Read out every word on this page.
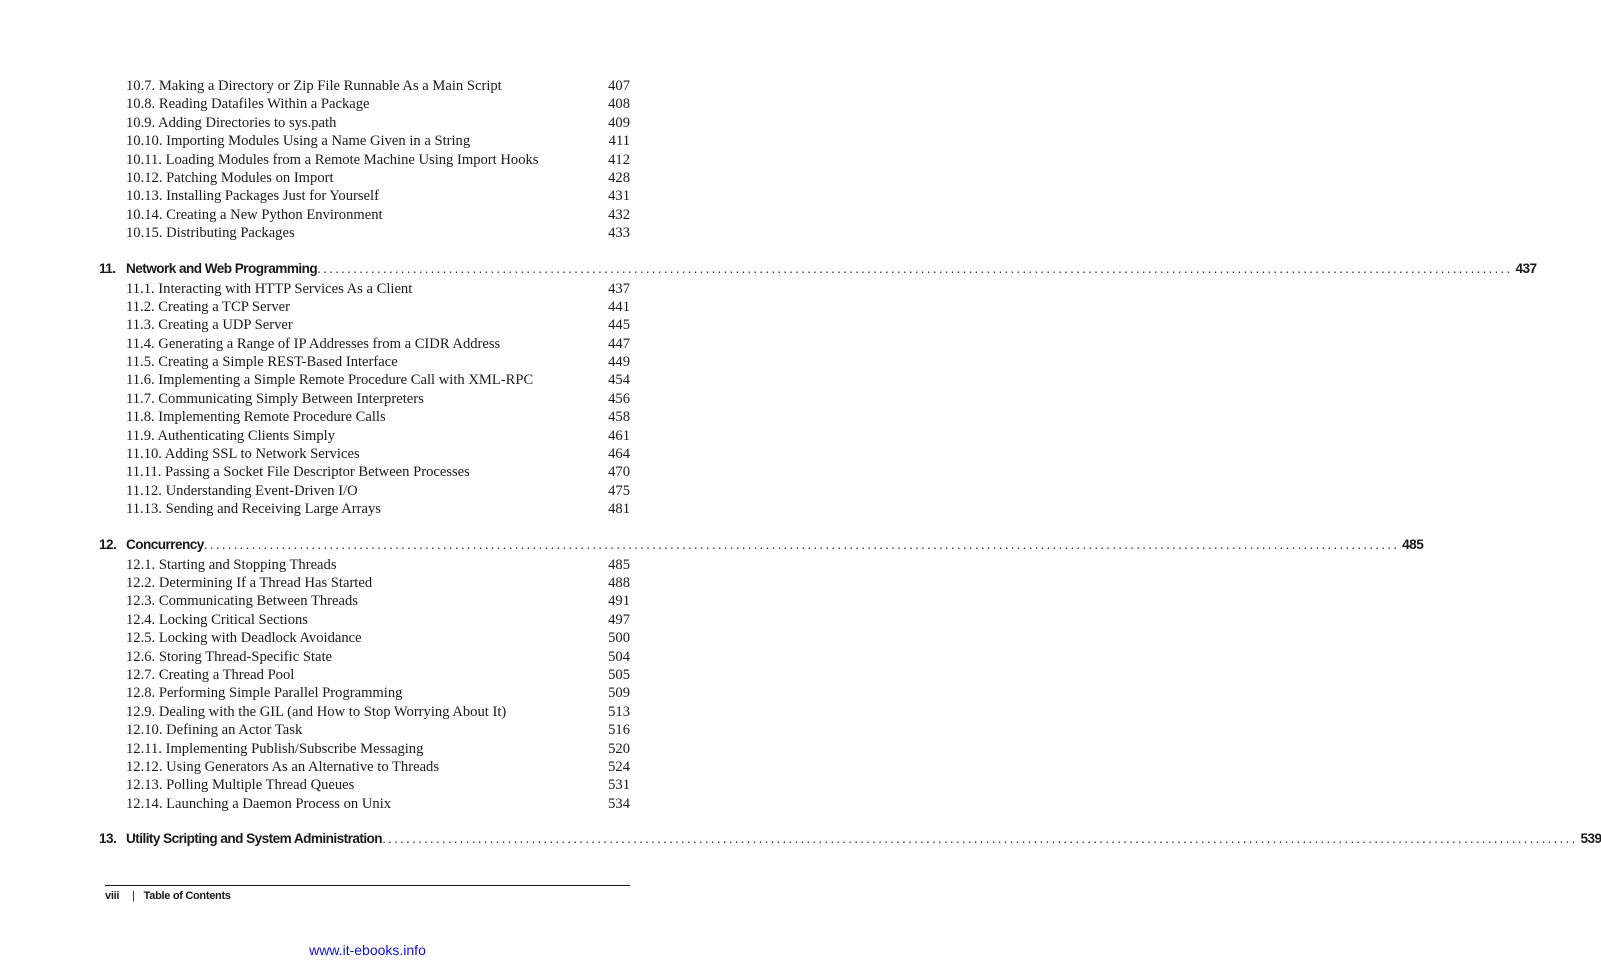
10.7. Making a Directory or Zip File Runnable As a Main Script	407
10.8. Reading Datafiles Within a Package	408
10.9. Adding Directories to sys.path	409
10.10. Importing Modules Using a Name Given in a String	411
10.11. Loading Modules from a Remote Machine Using Import Hooks	412
10.12. Patching Modules on Import	428
10.13. Installing Packages Just for Yourself	431
10.14. Creating a New Python Environment	432
10.15. Distributing Packages	433
11. Network and Web Programming ........................................................................................................................................................................................................ 437
11.1. Interacting with HTTP Services As a Client	437
11.2. Creating a TCP Server	441
11.3. Creating a UDP Server	445
11.4. Generating a Range of IP Addresses from a CIDR Address	447
11.5. Creating a Simple REST-Based Interface	449
11.6. Implementing a Simple Remote Procedure Call with XML-RPC	454
11.7. Communicating Simply Between Interpreters	456
11.8. Implementing Remote Procedure Calls	458
11.9. Authenticating Clients Simply	461
11.10. Adding SSL to Network Services	464
11.11. Passing a Socket File Descriptor Between Processes	470
11.12. Understanding Event-Driven I/O	475
11.13. Sending and Receiving Large Arrays	481
12. Concurrency ........................................................................................................................................................................................................ 485
12.1. Starting and Stopping Threads	485
12.2. Determining If a Thread Has Started	488
12.3. Communicating Between Threads	491
12.4. Locking Critical Sections	497
12.5. Locking with Deadlock Avoidance	500
12.6. Storing Thread-Specific State	504
12.7. Creating a Thread Pool	505
12.8. Performing Simple Parallel Programming	509
12.9. Dealing with the GIL (and How to Stop Worrying About It)	513
12.10. Defining an Actor Task	516
12.11. Implementing Publish/Subscribe Messaging	520
12.12. Using Generators As an Alternative to Threads	524
12.13. Polling Multiple Thread Queues	531
12.14. Launching a Daemon Process on Unix	534
13. Utility Scripting and System Administration ........................................................................................................................................................................................................ 539
viii | Table of Contents
www.it-ebooks.info
